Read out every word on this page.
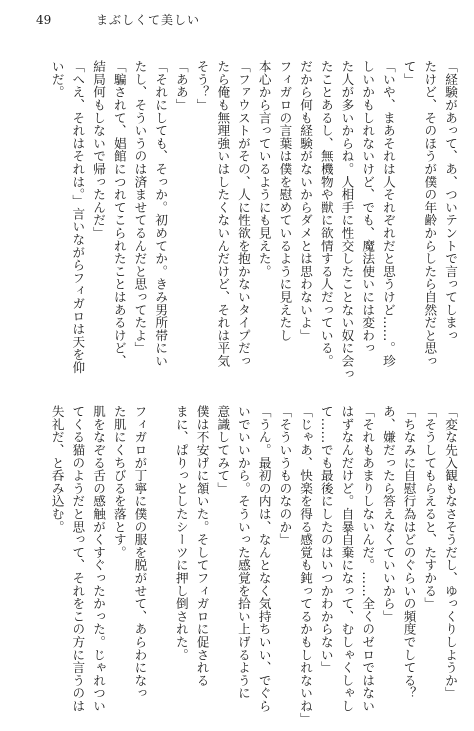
49	まぶしくて美しい
「経験があって、あ、ついテントで言ってしまっ
たけど、そのほうが僕の年齢からしたら自然だと思っ
て」
「いや、まあそれは人それぞれだと思うけど……。珍
しいかもしれないけど、でも、魔法使いには変わっ
た人が多いからね。人相手に性交したことない奴に会っ
たことあるし、無機物や獣に欲情する人だっている。
だから何も経験がないからダメとは思わないよ」
フィガロの言葉は僕を慰めているように見えたし
本心から言っているようにも見えた。
「ファウストがその、人に性欲を抱かないタイプだっ
たら俺も無理強いはしたくないんだけど、それは平気
そう？」
「ああ」
「それにしても、そっか。初めてか。きみ男所帯にい
たし、そういうのは済ませてるんだと思ってたよ」
「騙されて、娼館につれてこられたことはあるけど、
結局何もしないで帰ったんだ」
「へえ、それはそれは。」言いながらフィガロは天を仰
いだ。
「変な先入観もなさそうだし、ゆっくりしようか」
「そうしてもらえると、たすかる」
「ちなみに自慰行為はどのぐらいの頻度でしてる？
あ、嫌だったら答えなくていいから」
「それもあまりしないんだ。……全くのゼロではない
はずなんだけど。自暴自棄になって、むしゃくしゃし
て……でも最後にしたのはいつかわからない」
「じゃあ、快楽を得る感覚も鈍ってるかもしれないね」
「そういうものなのか」
「うん。最初の内は、なんとなく気持ちいい、でぐら
いでいいから。そういった感覚を拾い上げるように
意識してみて」
僕は不安げに頷いた。そしてフィガロに促される
まに、ぱりっとしたシーツに押し倒された。

フィガロが丁寧に僕の服を脱がせて、あらわになっ
た肌にくちびるを落とす。
肌をなぞる舌の感触がくすぐったかった。じゃれつい
てくる猫のようだと思って、それをこの方に言うのは
失礼だ、と呑み込む。
